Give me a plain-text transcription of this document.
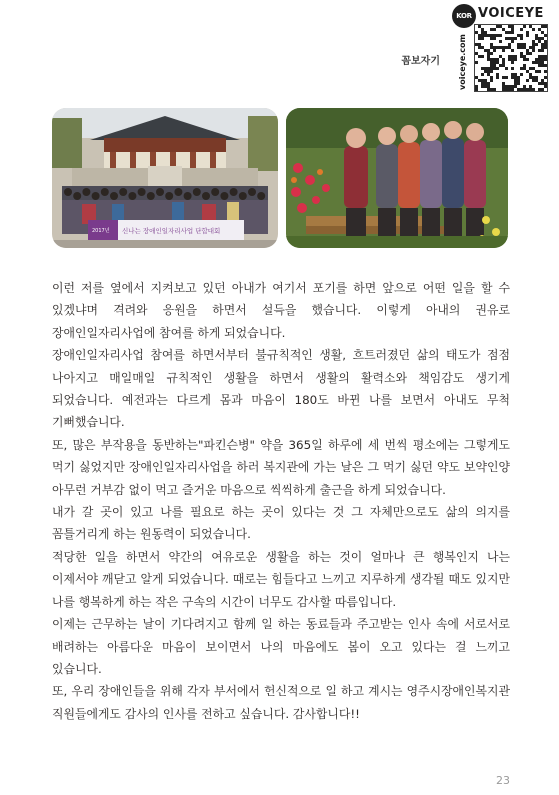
KOR VOICEYE
voiceye.com
꼼보자기
2017년 신나는 장애인일자리사업 단합대회

이런 저를 옆에서 지켜보고 있던 아내가 여기서 포기를 하면 앞으로 어떤 일을 할 수 있겠냐며 격려와 응원을 하면서 설득을 했습니다. 이렇게 아내의 권유로 장애인일자리사업에 참여를 하게 되었습니다.

장애인일자리사업 참여를 하면서부터 불규칙적인 생활, 흐트러졌던 삶의 태도가 점점 나아지고 매일매일 규칙적인 생활을 하면서 생활의 활력소와 책임감도 생기게 되었습니다. 예전과는 다르게 몸과 마음이 180도 바뀐 나를 보면서 아내도 무척 기뻐했습니다.

또, 많은 부작용을 동반하는"파킨슨병" 약을 365일 하루에 세 번씩 평소에는 그렇게도 먹기 싫었지만 장애인일자리사업을 하러 복지관에 가는 날은 그 먹기 싫던 약도 보약인양 아무런 거부감 없이 먹고 즐거운 마음으로 씩씩하게 출근을 하게 되었습니다.

내가 갈 곳이 있고 나를 필요로 하는 곳이 있다는 것 그 자체만으로도 삶의 의지를 꼼틀거리게 하는 원동력이 되었습니다.

적당한 일을 하면서 약간의 여유로운 생활을 하는 것이 얼마나 큰 행복인지 나는 이제서야 깨닫고 알게 되었습니다. 때로는 힘들다고 느끼고 지루하게 생각될 때도 있지만 나를 행복하게 하는 작은 구속의 시간이 너무도 감사할 따름입니다.

이제는 근무하는 날이 기다려지고 함께 일 하는 동료들과 주고받는 인사 속에 서로서로 배려하는 아름다운 마음이 보이면서 나의 마음에도 봄이 오고 있다는 걸 느끼고 있습니다.

또, 우리 장애인들을 위해 각자 부서에서 헌신적으로 일 하고 계시는 영주시장애인복지관 직원들에게도 감사의 인사를 전하고 싶습니다. 감사합니다!!

23
